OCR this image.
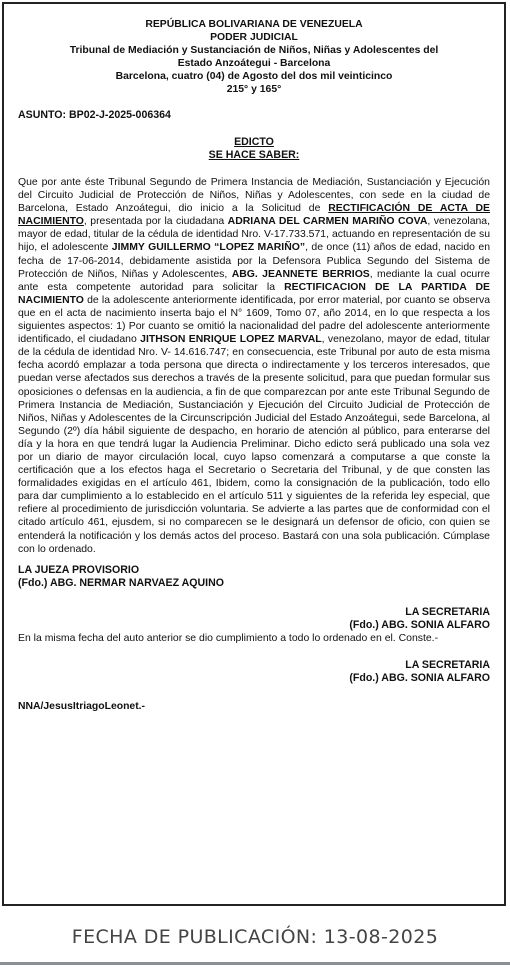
REPÚBLICA BOLIVARIANA DE VENEZUELA
PODER JUDICIAL
Tribunal de Mediación y Sustanciación de Niños, Niñas y Adolescentes del
Estado Anzoátegui - Barcelona
Barcelona, cuatro (04) de Agosto del dos mil veinticinco
215° y 165°
ASUNTO: BP02-J-2025-006364
EDICTO
SE HACE SABER:
Que por ante éste Tribunal Segundo de Primera Instancia de Mediación, Sustanciación y Ejecución del Circuito Judicial de Protección de Niños, Niñas y Adolescentes, con sede en la ciudad de Barcelona, Estado Anzoátegui, dio inicio a la Solicitud de RECTIFICACIÓN DE ACTA DE NACIMIENTO, presentada por la ciudadana ADRIANA DEL CARMEN MARIÑO COVA, venezolana, mayor de edad, titular de la cédula de identidad Nro. V-17.733.571, actuando en representación de su hijo, el adolescente JIMMY GUILLERMO “LOPEZ MARIÑO”, de once (11) años de edad, nacido en fecha de 17-06-2014, debidamente asistida por la Defensora Publica Segundo del Sistema de Protección de Niños, Niñas y Adolescentes, ABG. JEANNETE BERRIOS, mediante la cual ocurre ante esta competente autoridad para solicitar la RECTIFICACION DE LA PARTIDA DE NACIMIENTO de la adolescente anteriormente identificada, por error material, por cuanto se observa que en el acta de nacimiento inserta bajo el N° 1609, Tomo 07, año 2014, en lo que respecta a los siguientes aspectos: 1) Por cuanto se omitió la nacionalidad del padre del adolescente anteriormente identificado, el ciudadano JITHSON ENRIQUE LOPEZ MARVAL, venezolano, mayor de edad, titular de la cédula de identidad Nro. V- 14.616.747; en consecuencia, este Tribunal por auto de esta misma fecha acordó emplazar a toda persona que directa o indirectamente y los terceros interesados, que puedan verse afectados sus derechos a través de la presente solicitud, para que puedan formular sus oposiciones o defensas en la audiencia, a fin de que comparezcan por ante este Tribunal Segundo de Primera Instancia de Mediación, Sustanciación y Ejecución del Circuito Judicial de Protección de Niños, Niñas y Adolescentes de la Circunscripción Judicial del Estado Anzoátegui, sede Barcelona, al Segundo (2º) día hábil siguiente de despacho, en horario de atención al público, para enterarse del día y la hora en que tendrá lugar la Audiencia Preliminar. Dicho edicto será publicado una sola vez por un diario de mayor circulación local, cuyo lapso comenzará a computarse a que conste la certificación que a los efectos haga el Secretario o Secretaria del Tribunal, y de que consten las formalidades exigidas en el artículo 461, Ibidem, como la consignación de la publicación, todo ello para dar cumplimiento a lo establecido en el artículo 511 y siguientes de la referida ley especial, que refiere al procedimiento de jurisdicción voluntaria. Se advierte a las partes que de conformidad con el citado artículo 461, ejusdem, si no comparecen se le designará un defensor de oficio, con quien se entenderá la notificación y los demás actos del proceso. Bastará con una sola publicación. Cúmplase con lo ordenado.
LA JUEZA PROVISORIO
(Fdo.) ABG. NERMAR NARVAEZ AQUINO
LA SECRETARIA
(Fdo.) ABG. SONIA ALFARO
En la misma fecha del auto anterior se dio cumplimiento a todo lo ordenado en el. Conste.-
LA SECRETARIA
(Fdo.) ABG. SONIA ALFARO
NNA/JesusItriagoLeonet.-
FECHA DE PUBLICACIÓN: 13-08-2025
